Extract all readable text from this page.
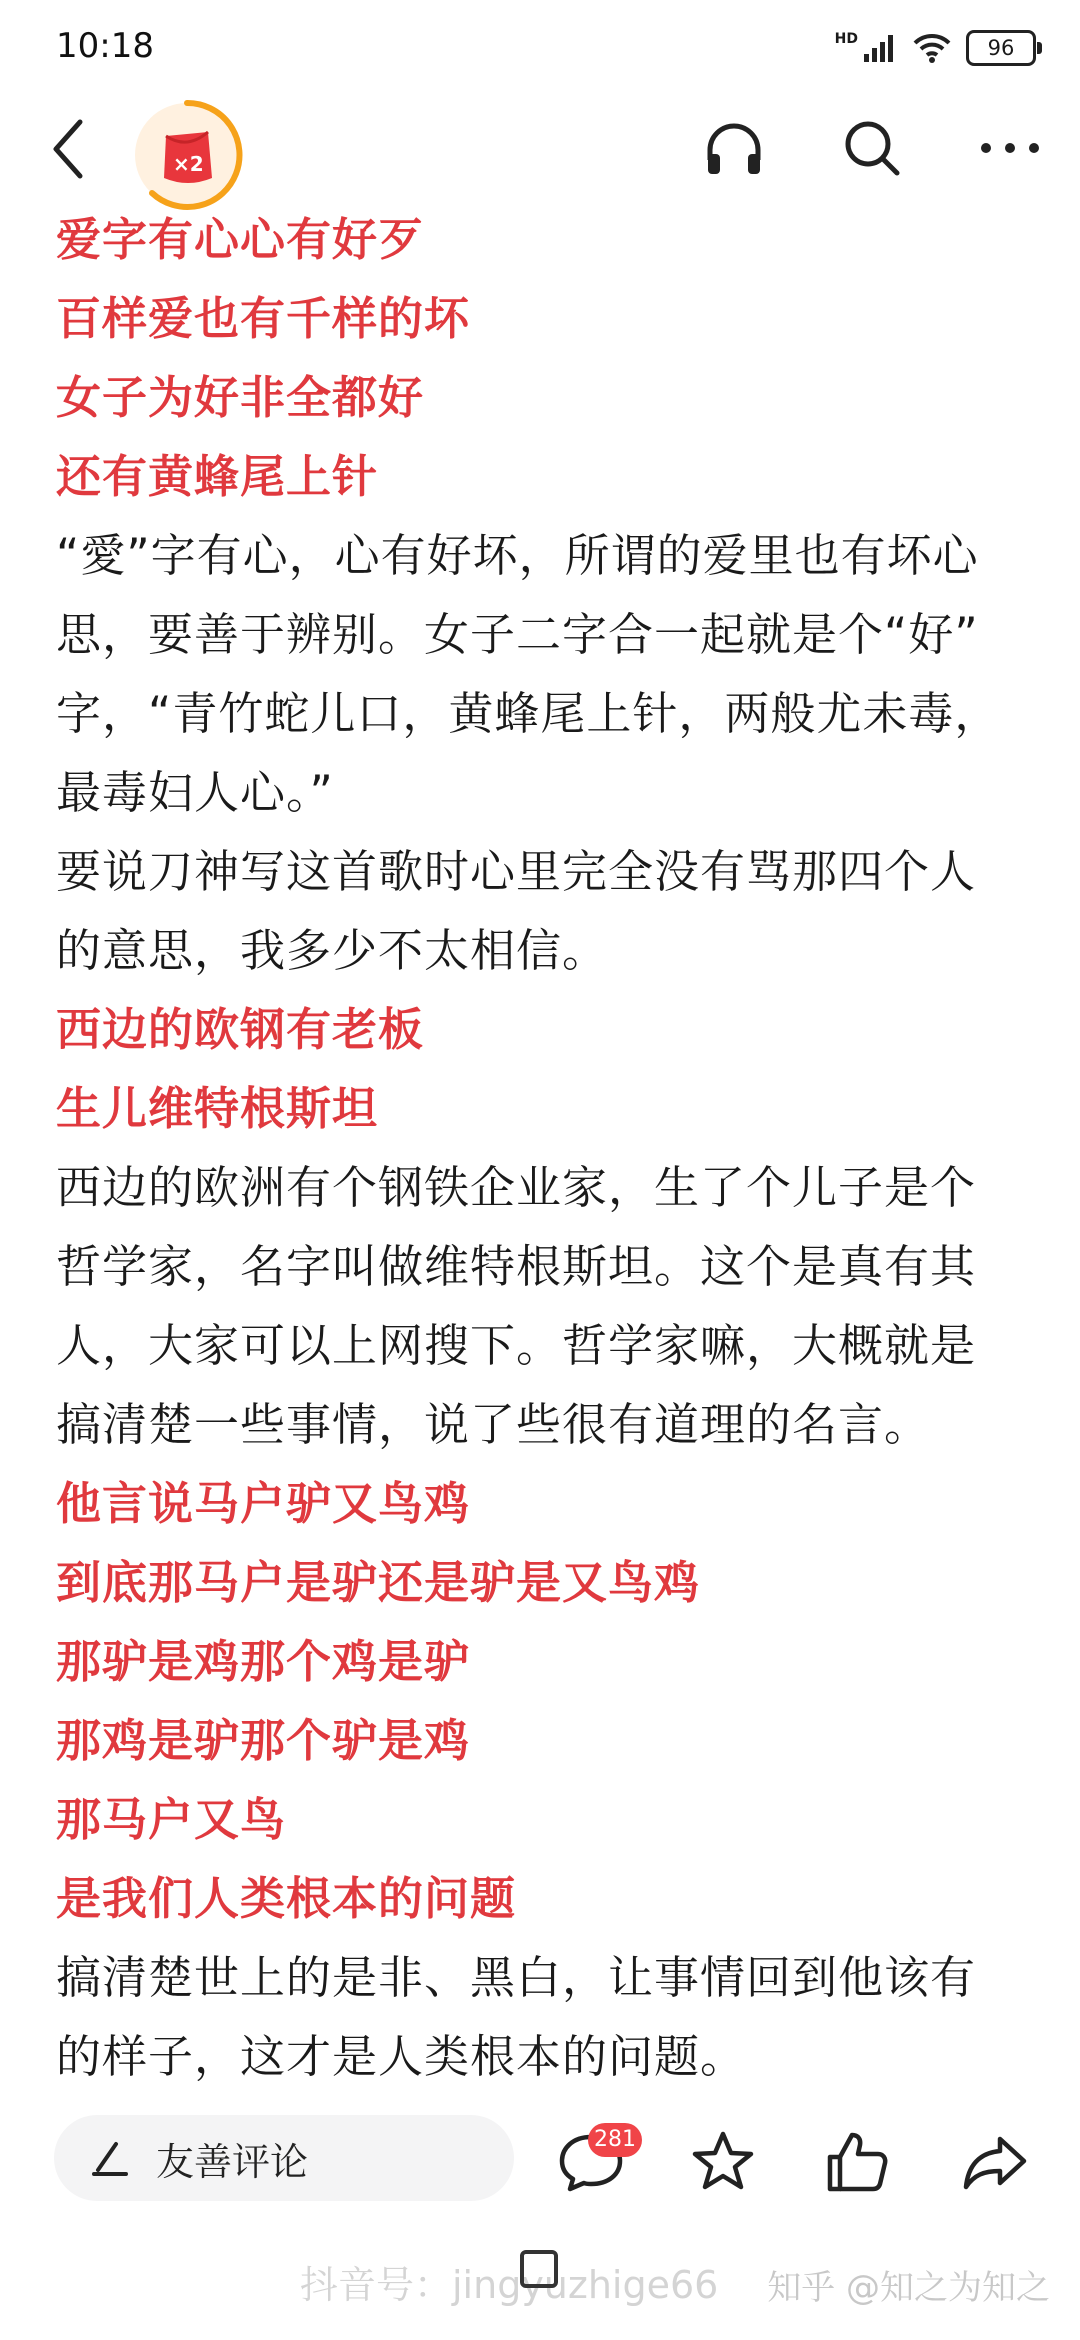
10:18	HD	96
×2
爱字有心心有好歹
百样爱也有千样的坏
女子为好非全都好
还有黄蜂尾上针
“愛”字有心，心有好坏，所谓的爱里也有坏心
思，要善于辨别。女子二字合一起就是个“好”
字，“青竹蛇儿口，黄蜂尾上针，两般尤未毒，
最毒妇人心。”
要说刀神写这首歌时心里完全没有骂那四个人
的意思，我多少不太相信。
西边的欧钢有老板
生儿维特根斯坦
西边的欧洲有个钢铁企业家，生了个儿子是个
哲学家，名字叫做维特根斯坦。这个是真有其
人，大家可以上网搜下。哲学家嘛，大概就是
搞清楚一些事情，说了些很有道理的名言。
他言说马户驴又鸟鸡
到底那马户是驴还是驴是又鸟鸡
那驴是鸡那个鸡是驴
那鸡是驴那个驴是鸡
那马户又鸟
是我们人类根本的问题
搞清楚世上的是非、黑白，让事情回到他该有
的样子，这才是人类根本的问题。
友善评论	281
抖音号：jingyuzhige66 知乎 @知之为知之
